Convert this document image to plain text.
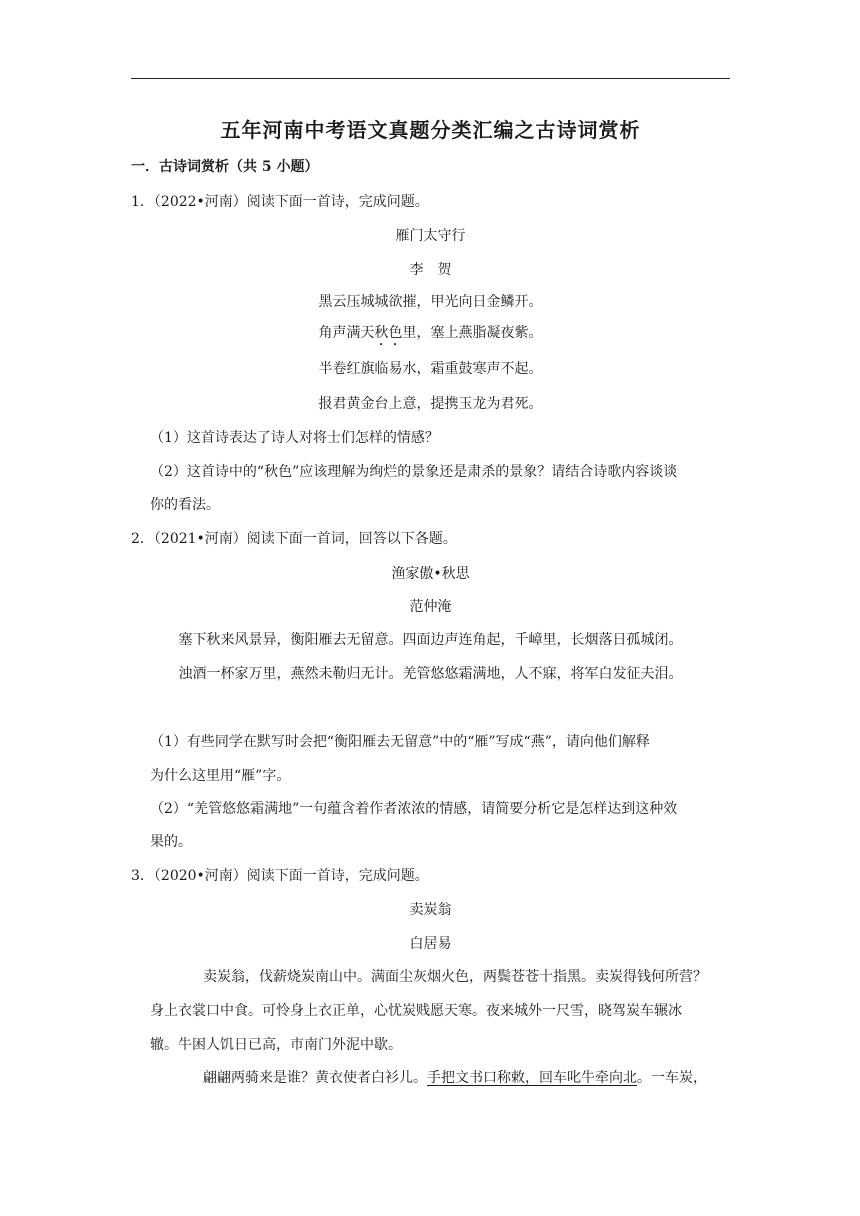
五年河南中考语文真题分类汇编之古诗词赏析
一．古诗词赏析（共 5 小题）
1．（2022•河南）阅读下面一首诗，完成问题。
雁门太守行
李　贺
黑云压城城欲摧，甲光向日金鳞开。
角声满天秋色里，塞上燕脂凝夜紫。
半卷红旗临易水，霜重鼓寒声不起。
报君黄金台上意，提携玉龙为君死。
（1）这首诗表达了诗人对将士们怎样的情感？
（2）这首诗中的“秋色”应该理解为绚烂的景象还是肃杀的景象？请结合诗歌内容谈谈
你的看法。
2．（2021•河南）阅读下面一首词，回答以下各题。
渔家傲•秋思
范仲淹
塞下秋来风景异，衡阳雁去无留意。四面边声连角起，千嶂里，长烟落日孤城闭。
浊酒一杯家万里，燕然未勒归无计。羌管悠悠霜满地，人不寐，将军白发征夫泪。
（1）有些同学在默写时会把“衡阳雁去无留意”中的“雁”写成“燕”，请向他们解释
为什么这里用“雁”字。
（2）“羌管悠悠霜满地”一句蕴含着作者浓浓的情感，请简要分析它是怎样达到这种效
果的。
3．（2020•河南）阅读下面一首诗，完成问题。
卖炭翁
白居易
卖炭翁，伐薪烧炭南山中。满面尘灰烟火色，两鬓苍苍十指黑。卖炭得钱何所营？
身上衣裳口中食。可怜身上衣正单，心忧炭贱愿天寒。夜来城外一尺雪，晓驾炭车辗冰
辙。牛困人饥日已高，市南门外泥中歇。
翩翩两骑来是谁？黄衣使者白衫儿。手把文书口称敕，回车叱牛牵向北。一车炭，
